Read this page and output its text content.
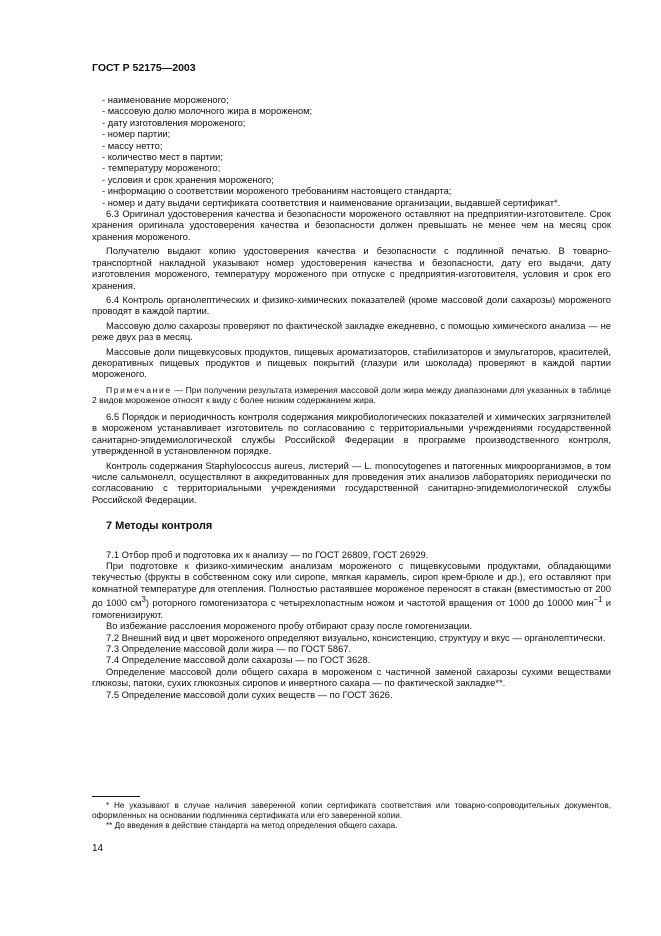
ГОСТ Р 52175—2003

- наименование мороженого;

- массовую долю молочного жира в мороженом;

- дату изготовления мороженого;

- номер партии;

- массу нетто;

- количество мест в партии;

- температуру мороженого;

- условия и срок хранения мороженого;

- информацию о соответствии мороженого требованиям настоящего стандарта;

- номер и дату выдачи сертификата соответствия и наименование организации, выдавшей сертификат*.

6.3 Оригинал удостоверения качества и безопасности мороженого оставляют на предприятии-изготовителе. Срок хранения оригинала удостоверения качества и безопасности должен превышать не менее чем на месяц срок хранения мороженого.

Получателю выдают копию удостоверения качества и безопасности с подлинной печатью. В товарно-транспортной накладной указывают номер удостоверения качества и безопасности, дату его выдачи, дату изготовления мороженого, температуру мороженого при отпуске с предприятия-изготовителя, условия и срок его хранения.

6.4 Контроль органолептических и физико-химических показателей (кроме массовой доли сахарозы) мороженого проводят в каждой партии.

Массовую долю сахарозы проверяют по фактической закладке ежедневно, с помощью химического анализа — не реже двух раз в месяц.

Массовые доли пищевкусовых продуктов, пищевых ароматизаторов, стабилизаторов и эмульгаторов, красителей, декоративных пищевых продуктов и пищевых покрытий (глазури или шоколада) проверяют в каждой партии мороженого.

Примечание — При получении результата измерения массовой доли жира между диапазонами для указанных в таблице 2 видов мороженое относят к виду с более низким содержанием жира.

6.5 Порядок и периодичность контроля содержания микробиологических показателей и химических загрязнителей в мороженом устанавливает изготовитель по согласованию с территориальными учреждениями государственной санитарно-эпидемиологической службы Российской Федерации в программе производственного контроля, утвержденной в установленном порядке.

Контроль содержания Staphylococcus aureus, листерий — L. monocytogenes и патогенных микроорганизмов, в том числе сальмонелл, осуществляют в аккредитованных для проведения этих анализов лабораториях периодически по согласованию с территориальными учреждениями государственной санитарно-эпидемиологической службы Российской Федерации.

7 Методы контроля

7.1 Отбор проб и подготовка их к анализу — по ГОСТ 26809, ГОСТ 26929.

При подготовке к физико-химическим анализам мороженого с пищевкусовыми продуктами, обладающими текучестью (фрукты в собственном соку или сиропе, мягкая карамель, сироп крем-брюле и др.), его оставляют при комнатной температуре для отепления. Полностью растаявшее мороженое переносят в стакан (вместимостью от 200 до 1000 $см^3$) роторного гомогенизатора с четырехлопастным ножом и частотой вращения от 1000 до 10000 мин$^{-1}$ и гомогенизируют.

Во избежание расслоения мороженого пробу отбирают сразу после гомогенизации.

7.2 Внешний вид и цвет мороженого определяют визуально, консистенцию, структуру и вкус — органолептически.

7.3 Определение массовой доли жира — по ГОСТ 5867.

7.4 Определение массовой доли сахарозы — по ГОСТ 3628.

Определение массовой доли общего сахара в мороженом с частичной заменой сахарозы сухими веществами глюкозы, патоки, сухих глюкозных сиропов и инвертного сахара — по фактической закладке**.

7.5 Определение массовой доли сухих веществ — по ГОСТ 3626.

* Не указывают в случае наличия заверенной копии сертификата соответствия или товарно-сопроводительных документов, оформленных на основании подлинника сертификата или его заверенной копии.

** До введения в действие стандарта на метод определения общего сахара.

14
